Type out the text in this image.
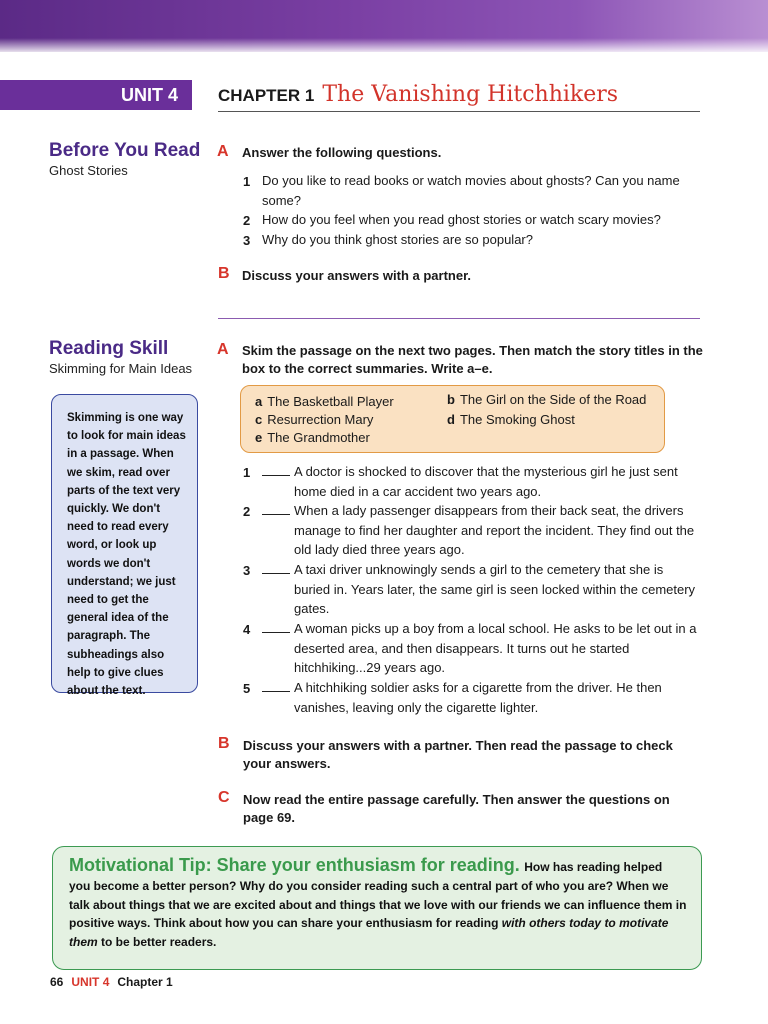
UNIT 4 CHAPTER 1 The Vanishing Hitchhikers
Before You Read
Ghost Stories
A Answer the following questions.
1 Do you like to read books or watch movies about ghosts? Can you name some?
2 How do you feel when you read ghost stories or watch scary movies?
3 Why do you think ghost stories are so popular?
B Discuss your answers with a partner.
Reading Skill
Skimming for Main Ideas
Skimming is one way to look for main ideas in a passage. When we skim, read over parts of the text very quickly. We don't need to read every word, or look up words we don't understand; we just need to get the general idea of the paragraph. The subheadings also help to give clues about the text.
A Skim the passage on the next two pages. Then match the story titles in the box to the correct summaries. Write a–e.
a The Basketball Player	b The Girl on the Side of the Road
c Resurrection Mary	d The Smoking Ghost
e The Grandmother
1	A doctor is shocked to discover that the mysterious girl he just sent home died in a car accident two years ago.
2	When a lady passenger disappears from their back seat, the drivers manage to find her daughter and report the incident. They find out the old lady died three years ago.
3	A taxi driver unknowingly sends a girl to the cemetery that she is buried in. Years later, the same girl is seen locked within the cemetery gates.
4	A woman picks up a boy from a local school. He asks to be let out in a deserted area, and then disappears. It turns out he started hitchhiking...29 years ago.
5	A hitchhiking soldier asks for a cigarette from the driver. He then vanishes, leaving only the cigarette lighter.
B Discuss your answers with a partner. Then read the passage to check your answers.
C Now read the entire passage carefully. Then answer the questions on page 69.
Motivational Tip: Share your enthusiasm for reading. How has reading helped
you become a better person? Why do you consider reading such a central part of who you are? When we talk about things that we are excited about and things that we love with our friends we can influence them in positive ways. Think about how you can share your enthusiasm for reading with others today to motivate them to be better readers.
66 UNIT 4 Chapter 1
